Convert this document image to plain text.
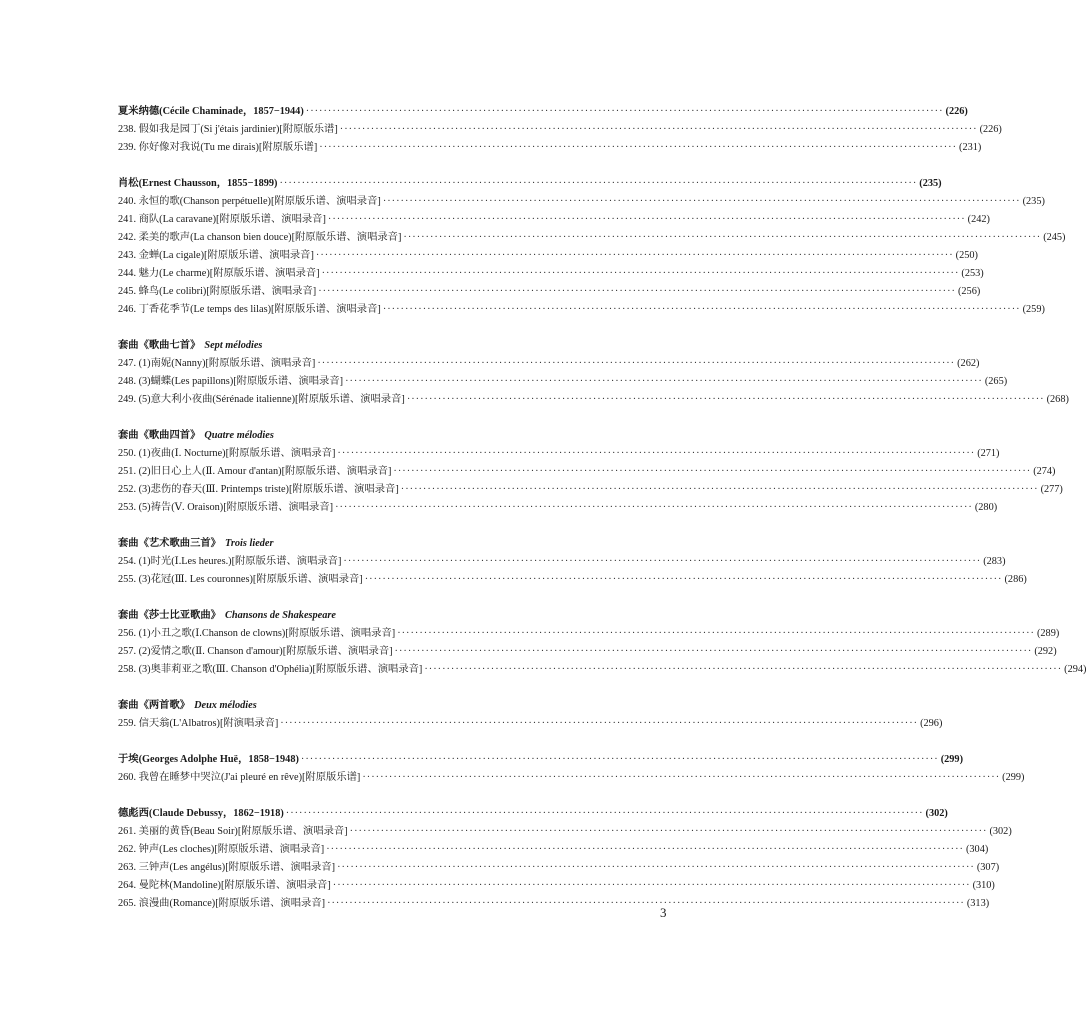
夏米纳德(Cécile Chaminade，1857−1944) ·····	(226)
238. 假如我是园丁(Si j'étais jardinier)[附原版乐谱] ·····	(226)
239. 你好像对我说(Tu me dirais)[附原版乐谱] ·····	(231)
肖松(Ernest Chausson，1855−1899) ·····	(235)
240. 永恒的歌(Chanson perpétuelle)[附原版乐谱、演唱录音] ·····	(235)
241. 商队(La caravane)[附原版乐谱、演唱录音] ·····	(242)
242. 柔美的歌声(La chanson bien douce)[附原版乐谱、演唱录音] ·····	(245)
243. 金蝉(La cigale)[附原版乐谱、演唱录音] ·····	(250)
244. 魅力(Le charme)[附原版乐谱、演唱录音] ·····	(253)
245. 蜂鸟(Le colibri)[附原版乐谱、演唱录音] ·····	(256)
246. 丁香花季节(Le temps des lilas)[附原版乐谱、演唱录音] ·····	(259)
套曲《歌曲七首》 Sept mélodies
247. (1)南妮(Nanny)[附原版乐谱、演唱录音] ·····	(262)
248. (3)蝴蝶(Les papillons)[附原版乐谱、演唱录音] ·····	(265)
249. (5)意大利小夜曲(Sérénade italienne)[附原版乐谱、演唱录音] ·····	(268)
套曲《歌曲四首》 Quatre mélodies
250. (1)夜曲(Ⅰ. Nocturne)[附原版乐谱、演唱录音] ·····	(271)
251. (2)旧日心上人(Ⅱ. Amour d'antan)[附原版乐谱、演唱录音] ·····	(274)
252. (3)悲伤的春天(Ⅲ. Printemps triste)[附原版乐谱、演唱录音] ·····	(277)
253. (5)祷告(Ⅴ. Oraison)[附原版乐谱、演唱录音] ·····	(280)
套曲《艺术歌曲三首》 Trois lieder
254. (1)时光(Ⅰ.Les heures.)[附原版乐谱、演唱录音] ·····	(283)
255. (3)花冠(Ⅲ. Les couronnes)[附原版乐谱、演唱录音] ·····	(286)
套曲《莎士比亚歌曲》 Chansons de Shakespeare
256. (1)小丑之歌(Ⅰ.Chanson de clowns)[附原版乐谱、演唱录音] ·····	(289)
257. (2)爱情之歌(Ⅱ. Chanson d'amour)[附原版乐谱、演唱录音] ·····	(292)
258. (3)奥菲莉亚之歌(Ⅲ. Chanson d'Ophélia)[附原版乐谱、演唱录音] ·····	(294)
套曲《两首歌》 Deux mélodies
259. 信天翁(L'Albatros)[附演唱录音] ·····	(296)
于埃(Georges Adolphe Huë，1858−1948) ·····	(299)
260. 我曾在睡梦中哭泣(J'ai pleuré en rêve)[附原版乐谱] ·····	(299)
德彪西(Claude Debussy，1862−1918) ·····	(302)
261. 美丽的黄昏(Beau Soir)[附原版乐谱、演唱录音] ·····	(302)
262. 钟声(Les cloches)[附原版乐谱、演唱录音] ·····	(304)
263. 三钟声(Les angélus)[附原版乐谱、演唱录音] ·····	(307)
264. 曼陀林(Mandoline)[附原版乐谱、演唱录音] ·····	(310)
265. 浪漫曲(Romance)[附原版乐谱、演唱录音] ·····	(313)
3
